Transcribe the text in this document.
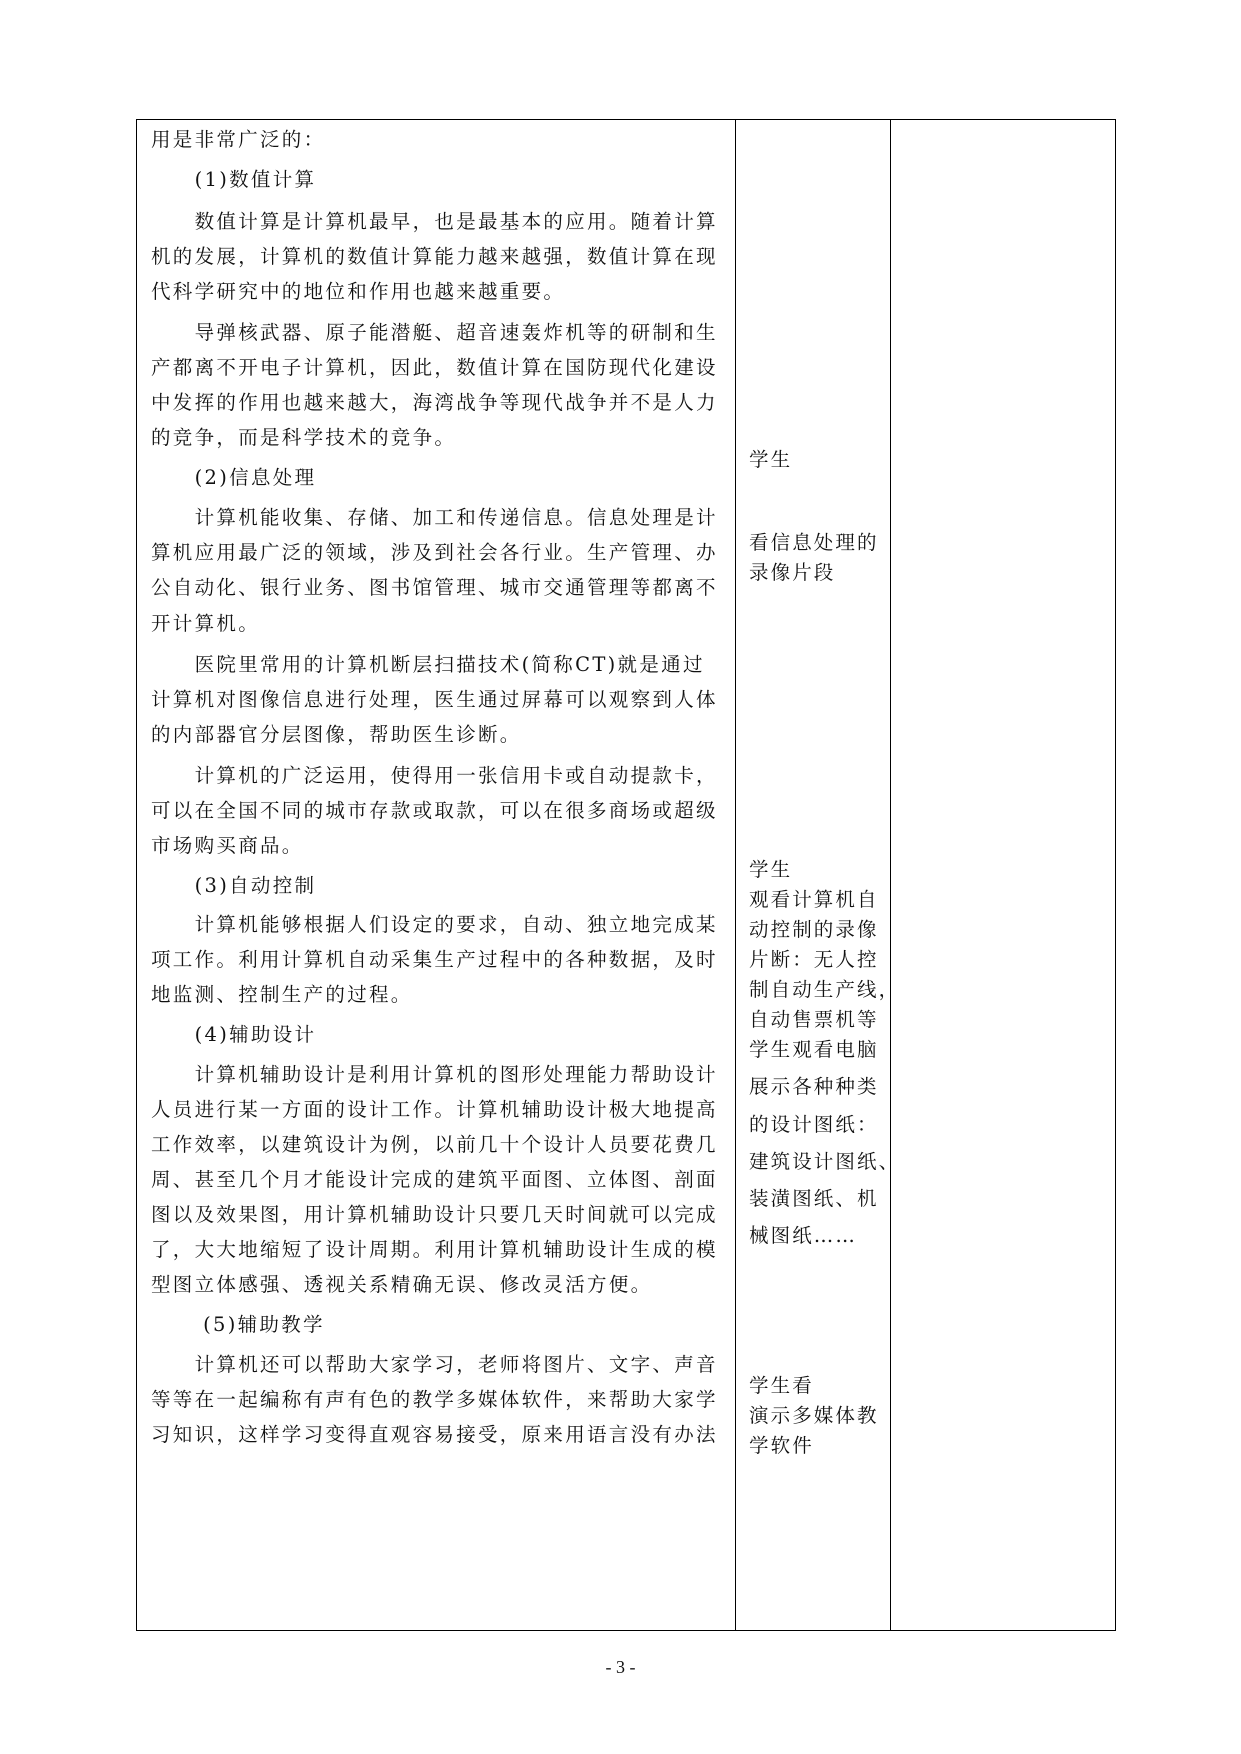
用是非常广泛的：
　　(1)数值计算
　　数值计算是计算机最早，也是最基本的应用。随着计算
机的发展，计算机的数值计算能力越来越强，数值计算在现
代科学研究中的地位和作用也越来越重要。
　　导弹核武器、原子能潜艇、超音速轰炸机等的研制和生
产都离不开电子计算机，因此，数值计算在国防现代化建设
中发挥的作用也越来越大，海湾战争等现代战争并不是人力
的竞争，而是科学技术的竞争。
　　(2)信息处理
　　计算机能收集、存储、加工和传递信息。信息处理是计
算机应用最广泛的领域，涉及到社会各行业。生产管理、办
公自动化、银行业务、图书馆管理、城市交通管理等都离不
开计算机。
　　医院里常用的计算机断层扫描技术(简称CT)就是通过
计算机对图像信息进行处理，医生通过屏幕可以观察到人体
的内部器官分层图像，帮助医生诊断。
　　计算机的广泛运用，使得用一张信用卡或自动提款卡，
可以在全国不同的城市存款或取款，可以在很多商场或超级
市场购买商品。
　　(3)自动控制
　　计算机能够根据人们设定的要求，自动、独立地完成某
项工作。利用计算机自动采集生产过程中的各种数据，及时
地监测、控制生产的过程。
　　(4)辅助设计
　　计算机辅助设计是利用计算机的图形处理能力帮助设计
人员进行某一方面的设计工作。计算机辅助设计极大地提高
工作效率，以建筑设计为例，以前几十个设计人员要花费几
周、甚至几个月才能设计完成的建筑平面图、立体图、剖面
图以及效果图，用计算机辅助设计只要几天时间就可以完成
了，大大地缩短了设计周期。利用计算机辅助设计生成的模
型图立体感强、透视关系精确无误、修改灵活方便。
　　 (5)辅助教学
　　计算机还可以帮助大家学习，老师将图片、文字、声音
等等在一起编称有声有色的教学多媒体软件，来帮助大家学
习知识，这样学习变得直观容易接受，原来用语言没有办法
学生
看信息处理的
录像片段
学生
观看计算机自
动控制的录像
片断：无人控
制自动生产线，
自动售票机等
学生观看电脑
展示各种种类
的设计图纸：
建筑设计图纸、
装潢图纸、机
械图纸……
学生看
演示多媒体教
学软件
- 3 -
